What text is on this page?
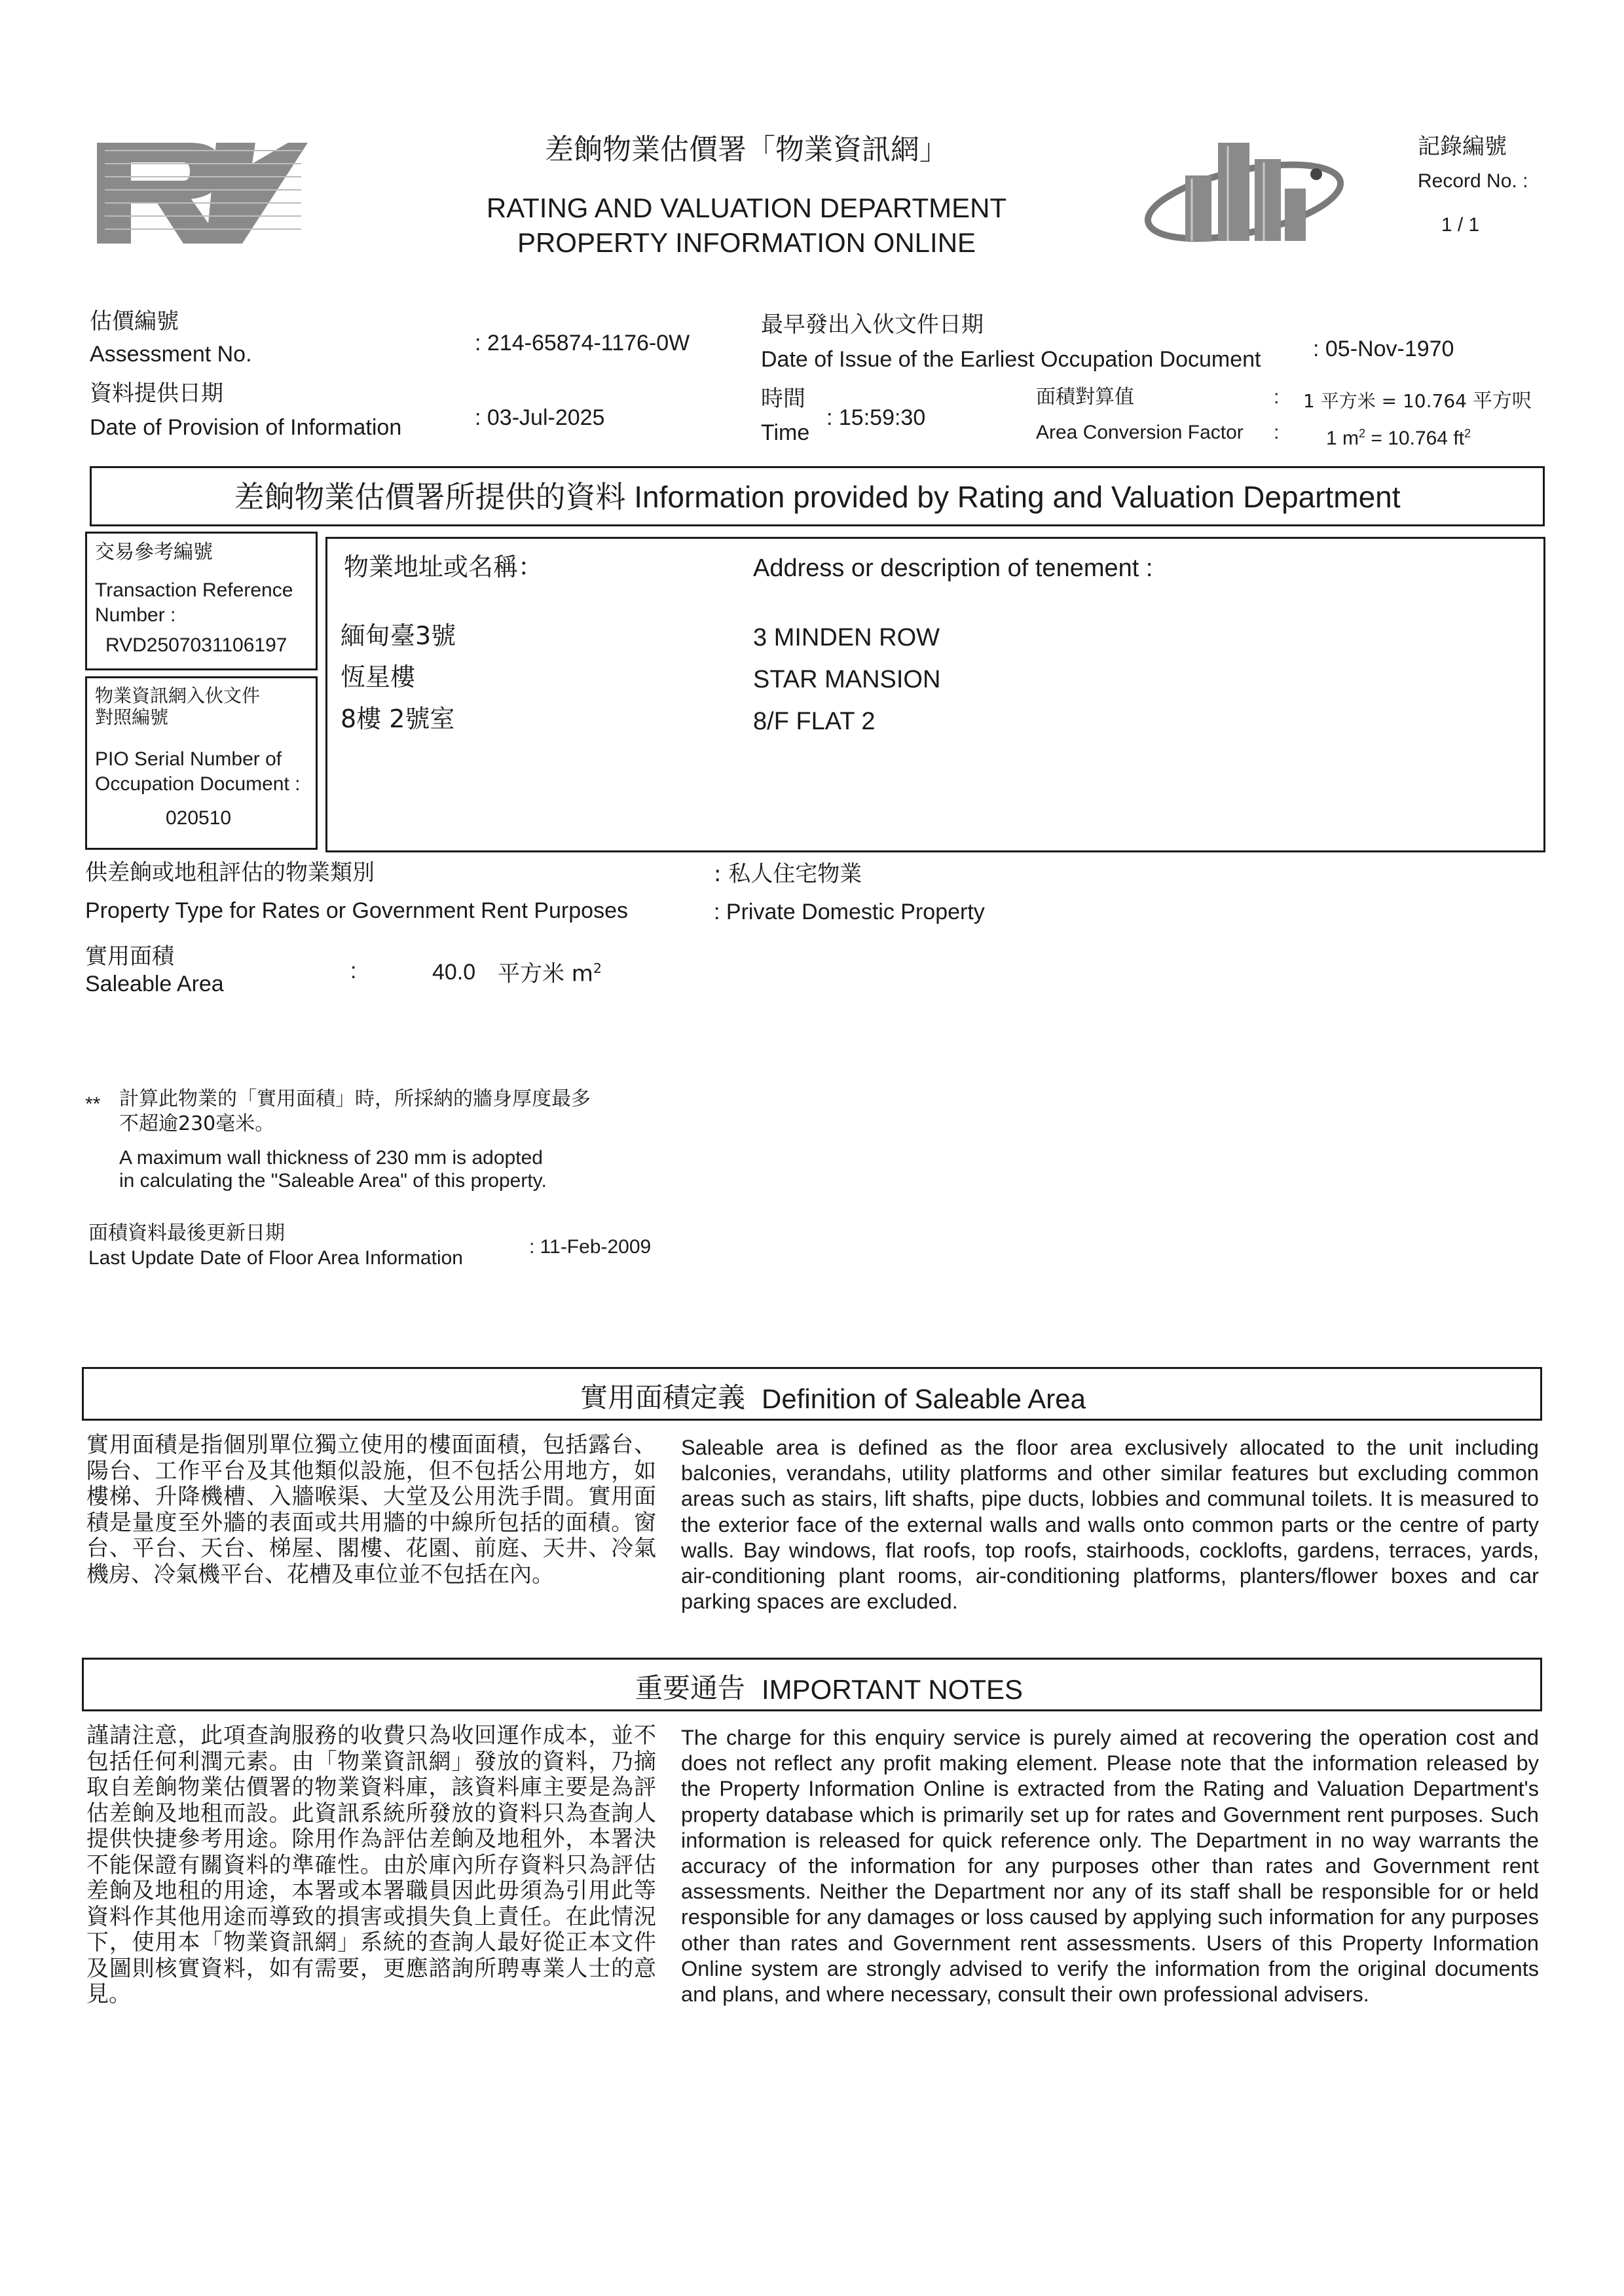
差餉物業估價署「物業資訊網」
RATING AND VALUATION DEPARTMENT
PROPERTY INFORMATION ONLINE
記錄編號
Record No. :
1 / 1
估價編號
Assessment No.	: 214-65874-1176-0W
資料提供日期
Date of Provision of Information	: 03-Jul-2025
最早發出入伙文件日期
Date of Issue of the Earliest Occupation Document : 05-Nov-1970
時間
Time
: 15:59:30
面積對算值
Area Conversion Factor
:
:
1 平方米 = 10.764 平方呎
1 $m^2 = 10.764$ $ft^2$
差餉物業估價署所提供的資料 Information provided by Rating and Valuation Department
交易參考編號
Transaction Reference Number :
RVD2507031106197
物業資訊網入伙文件對照編號
PIO Serial Number of Occupation Document :
020510
物業地址或名稱：	Address or description of tenement :
緬甸臺3號
恆星樓
8樓 2號室
3 MINDEN ROW
STAR MANSION
8/F FLAT 2
供差餉或地租評估的物業類別
Property Type for Rates or Government Rent Purposes
: 私人住宅物業
: Private Domestic Property
實用面積
Saleable Area
:	40.0 平方米 $m^2$
** 計算此物業的「實用面積」時，所採納的牆身厚度最多
不超逾230毫米。
A maximum wall thickness of 230 mm is adopted
in calculating the "Saleable Area" of this property.
面積資料最後更新日期
Last Update Date of Floor Area Information
: 11-Feb-2009
實用面積定義 Definition of Saleable Area
實用面積是指個別單位獨立使用的樓面面積，包括露台、陽台、工作平台及其他類似設施，但不包括公用地方，如樓梯、升降機槽、入牆喉渠、大堂及公用洗手間。實用面積是量度至外牆的表面或共用牆的中線所包括的面積。窗台、平台、天台、梯屋、閣樓、花園、前庭、天井、冷氣機房、冷氣機平台、花槽及車位並不包括在內。
Saleable area is defined as the floor area exclusively allocated to the unit including balconies, verandahs, utility platforms and other similar features but excluding common areas such as stairs, lift shafts, pipe ducts, lobbies and communal toilets. It is measured to the exterior face of the external walls and walls onto common parts or the centre of party walls. Bay windows, flat roofs, top roofs, stairhoods, cocklofts, gardens, terraces, yards, air-conditioning plant rooms, air-conditioning platforms, planters/flower boxes and car parking spaces are excluded.
重要通告 IMPORTANT NOTES
謹請注意，此項查詢服務的收費只為收回運作成本，並不包括任何利潤元素。由「物業資訊網」發放的資料，乃摘取自差餉物業估價署的物業資料庫，該資料庫主要是為評估差餉及地租而設。此資訊系統所發放的資料只為查詢人提供快捷參考用途。除用作為評估差餉及地租外，本署決不能保證有關資料的準確性。由於庫內所存資料只為評估差餉及地租的用途，本署或本署職員因此毋須為引用此等資料作其他用途而導致的損害或損失負上責任。在此情況下，使用本「物業資訊網」系統的查詢人最好從正本文件及圖則核實資料，如有需要，更應諮詢所聘專業人士的意見。
The charge for this enquiry service is purely aimed at recovering the operation cost and does not reflect any profit making element. Please note that the information released by the Property Information Online is extracted from the Rating and Valuation Department's property database which is primarily set up for rates and Government rent purposes. Such information is released for quick reference only. The Department in no way warrants the accuracy of the information for any purposes other than rates and Government rent assessments. Neither the Department nor any of its staff shall be responsible for or held responsible for any damages or loss caused by applying such information for any purposes other than rates and Government rent assessments. Users of this Property Information Online system are strongly advised to verify the information from the original documents and plans, and where necessary, consult their own professional advisers.
